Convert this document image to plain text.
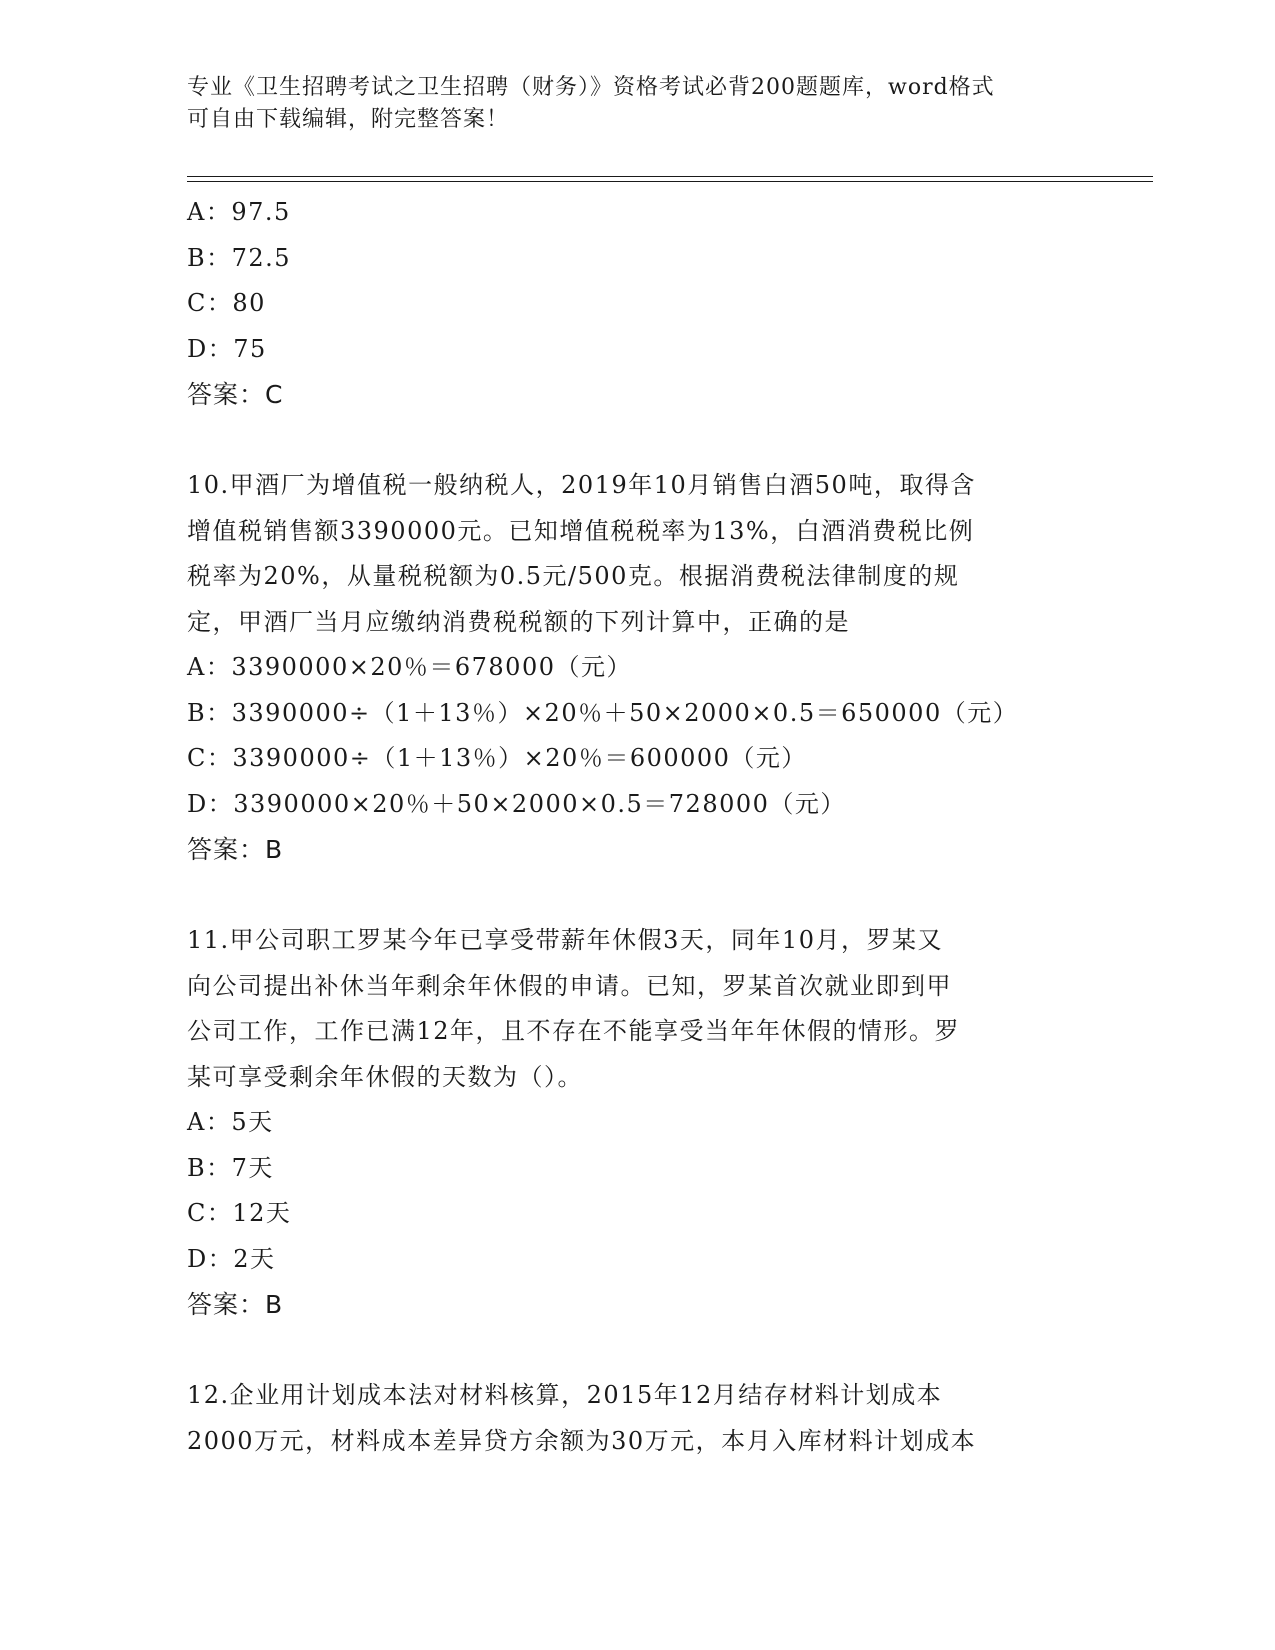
专业《卫生招聘考试之卫生招聘（财务）》资格考试必背200题题库，word格式
可自由下载编辑，附完整答案！
A：97.5
B：72.5
C：80
D：75
答案：C
10.甲酒厂为增值税一般纳税人，2019年10月销售白酒50吨，取得含
增值税销售额3390000元。已知增值税税率为13%，白酒消费税比例
税率为20%，从量税税额为0.5元/500克。根据消费税法律制度的规
定，甲酒厂当月应缴纳消费税税额的下列计算中，正确的是
A：3390000×20％＝678000（元）
B：3390000÷（1＋13％）×20％＋50×2000×0.5＝650000（元）
C：3390000÷（1＋13％）×20％＝600000（元）
D：3390000×20％＋50×2000×0.5＝728000（元）
答案：B
11.甲公司职工罗某今年已享受带薪年休假3天，同年10月，罗某又
向公司提出补休当年剩余年休假的申请。已知，罗某首次就业即到甲
公司工作，工作已满12年，且不存在不能享受当年年休假的情形。罗
某可享受剩余年休假的天数为（）。
A：5天
B：7天
C：12天
D：2天
答案：B
12.企业用计划成本法对材料核算，2015年12月结存材料计划成本
2000万元，材料成本差异贷方余额为30万元，本月入库材料计划成本
